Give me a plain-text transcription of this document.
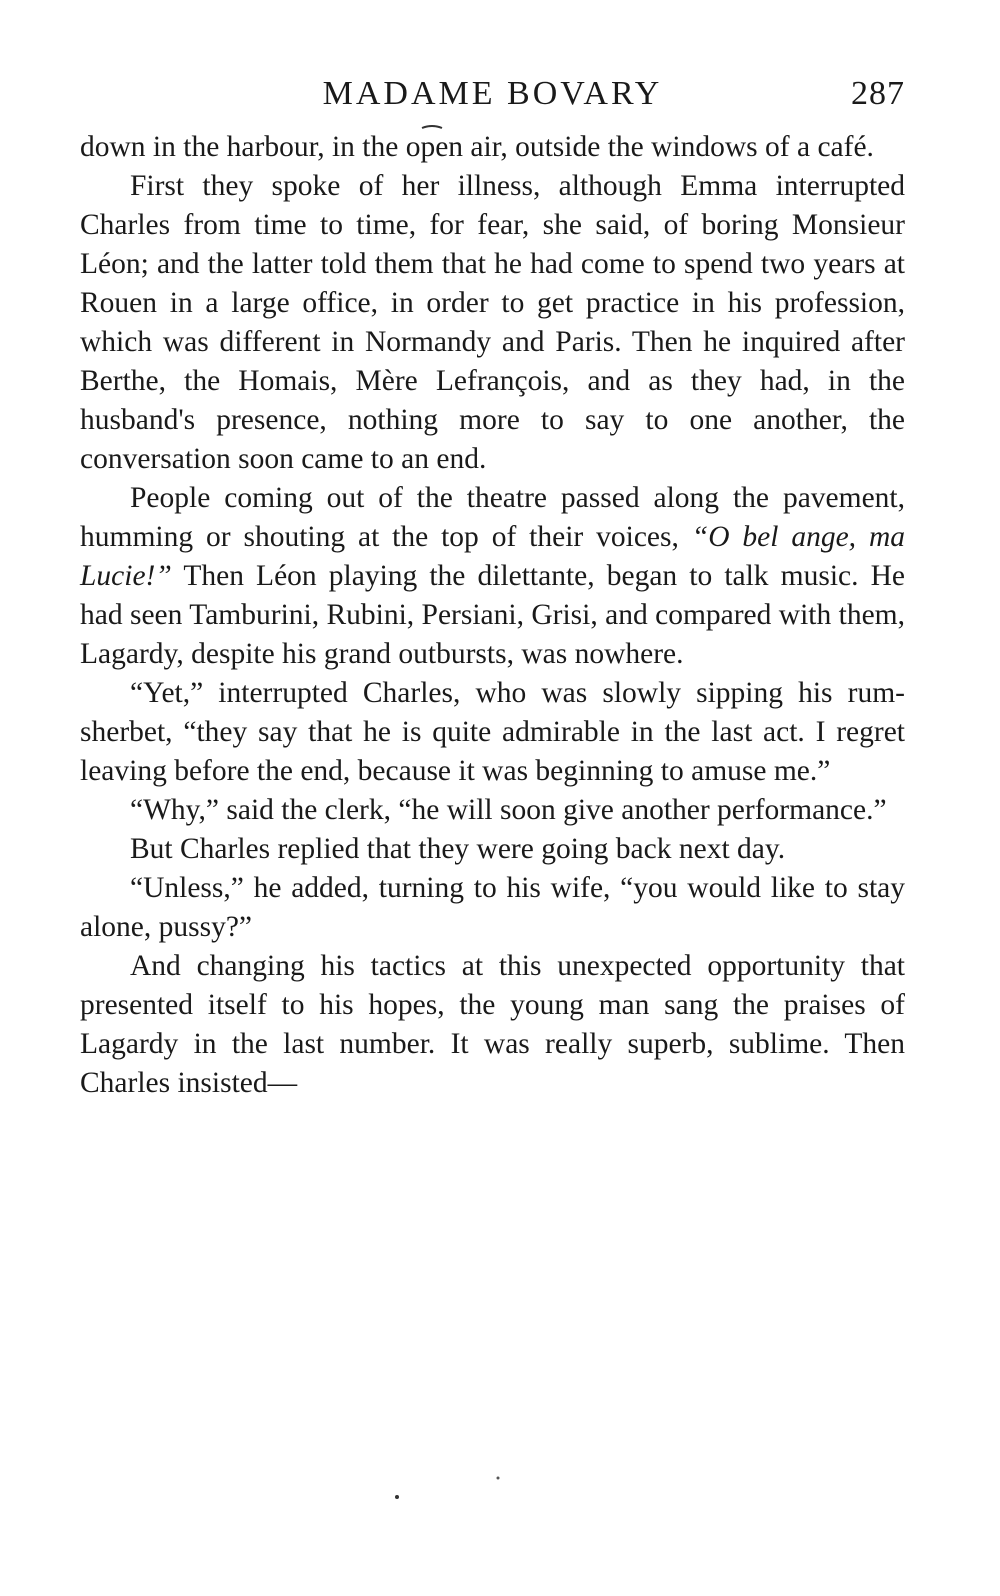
MADAME BOVARY	287

down in the harbour, in the open air, outside the windows of a café.

First they spoke of her illness, although Emma interrupted Charles from time to time, for fear, she said, of boring Monsieur Léon; and the latter told them that he had come to spend two years at Rouen in a large office, in order to get practice in his profession, which was different in Normandy and Paris. Then he inquired after Berthe, the Homais, Mère Lefrançois, and as they had, in the husband's presence, nothing more to say to one another, the conversation soon came to an end.

People coming out of the theatre passed along the pavement, humming or shouting at the top of their voices, “O bel ange, ma Lucie!” Then Léon playing the dilettante, began to talk music. He had seen Tamburini, Rubini, Persiani, Grisi, and compared with them, Lagardy, despite his grand outbursts, was nowhere.

“Yet,” interrupted Charles, who was slowly sipping his rum-sherbet, “they say that he is quite admirable in the last act. I regret leaving before the end, because it was beginning to amuse me.”

“Why,” said the clerk, “he will soon give another performance.”

But Charles replied that they were going back next day.

“Unless,” he added, turning to his wife, “you would like to stay alone, pussy?”

And changing his tactics at this unexpected opportunity that presented itself to his hopes, the young man sang the praises of Lagardy in the last number. It was really superb, sublime. Then Charles insisted—
